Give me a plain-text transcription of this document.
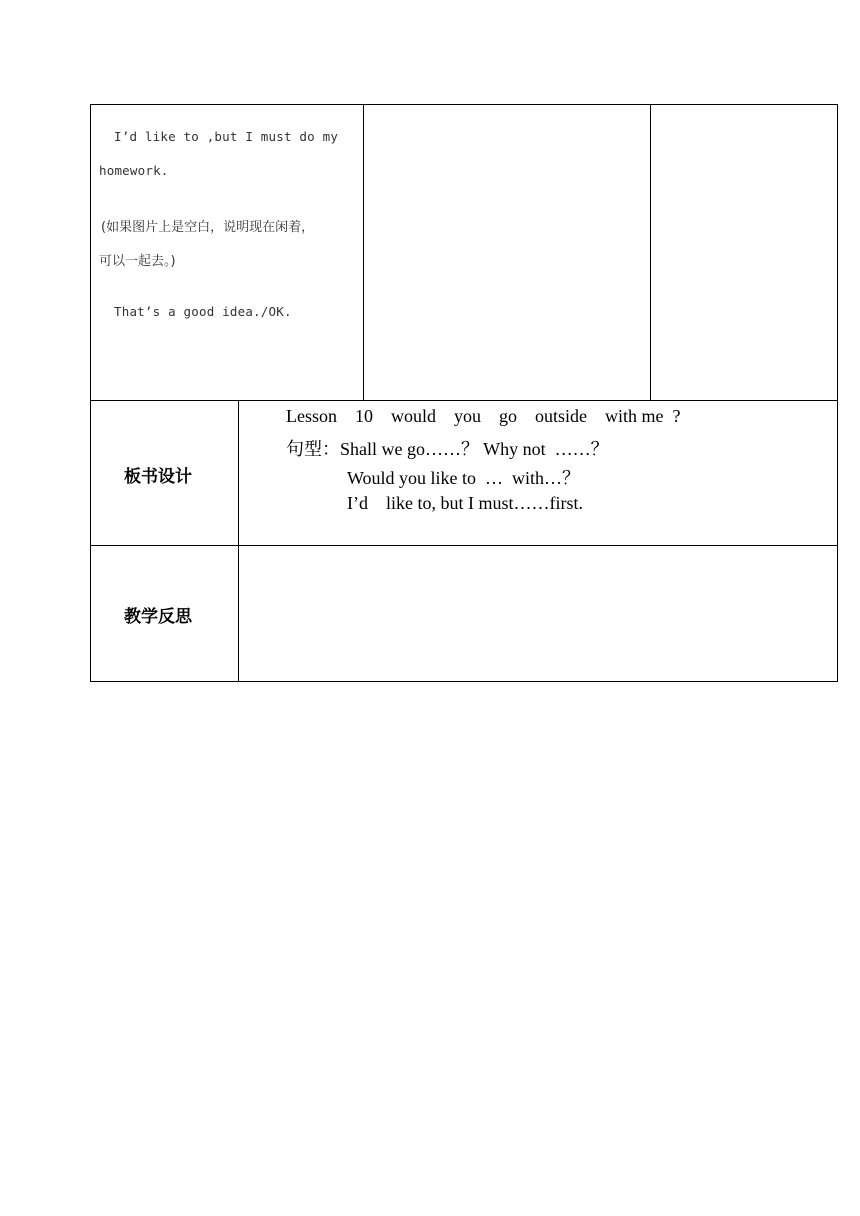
I’d like to ,but I must do my
homework.
(如果图片上是空白，说明现在闲着，
可以一起去。)
That’s a good idea./OK.
板书设计
Lesson    10    would    you    go    outside    with me  ?
句型：Shall we go……？ Why not  ……？
Would you like to  …  with…？
I’d    like to, but I must……first.
教学反思
